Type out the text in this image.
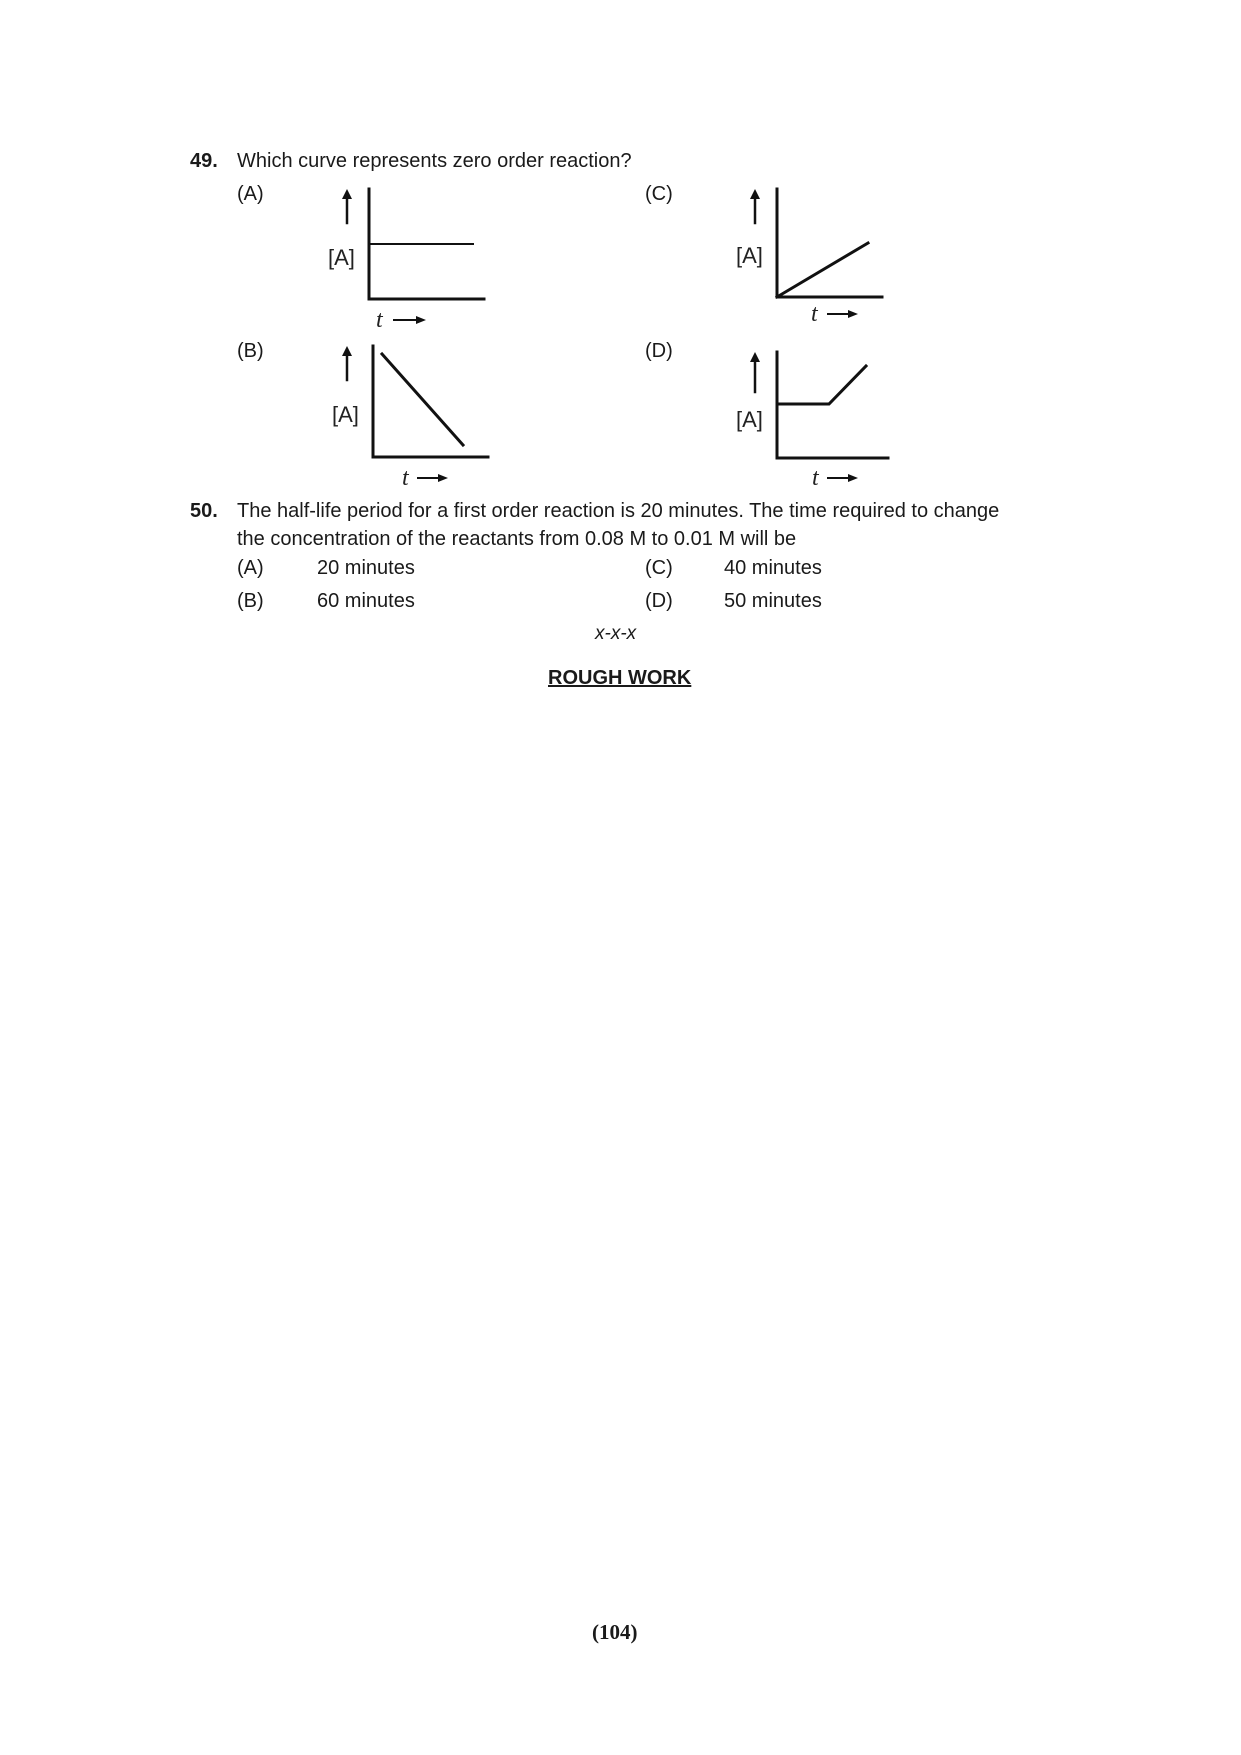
49. Which curve represents zero order reaction?
(A)
[A]
t
(C)
[A]
t
(B)
[A]
t
(D)
[A]
t
50. The half-life period for a first order reaction is 20 minutes. The time required to change
the concentration of the reactants from 0.08 M to 0.01 M will be
(A)	20 minutes	(C)	40 minutes
(B)	60 minutes	(D)	50 minutes
x-x-x
ROUGH WORK
(104)
